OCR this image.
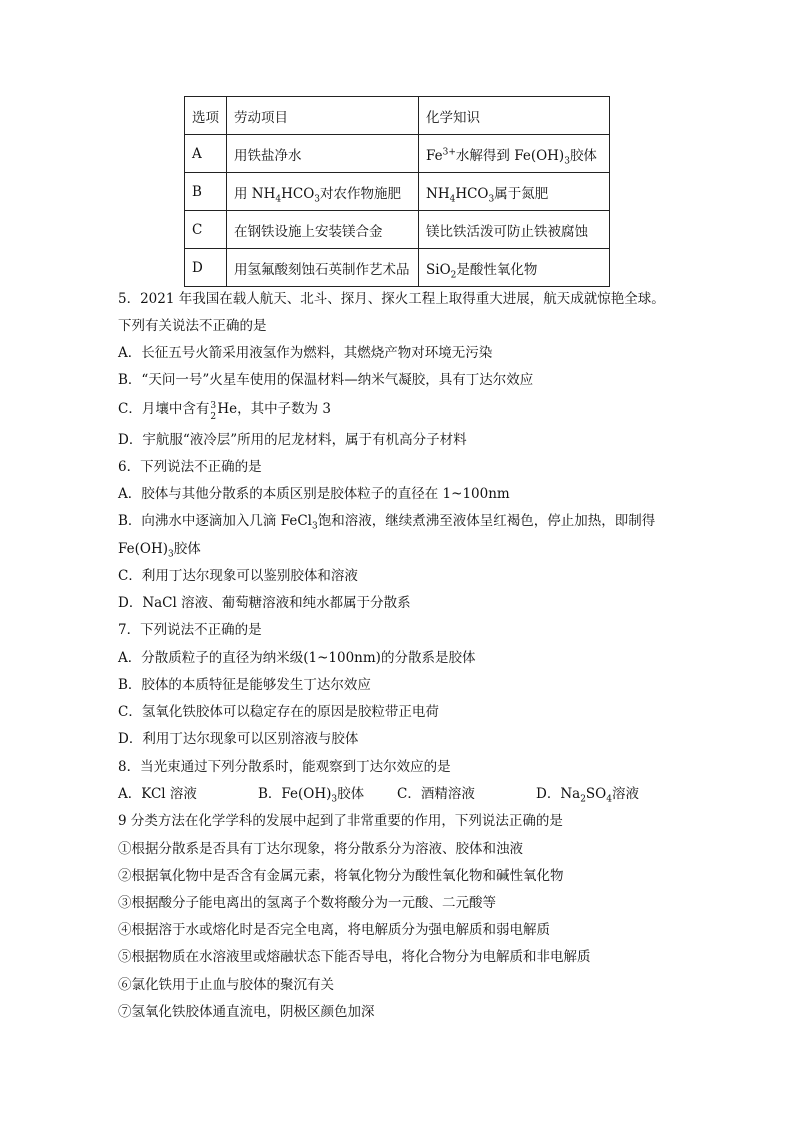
选项	劳动项目	化学知识
A	用铁盐净水	$Fe^{3+}$水解得到 $Fe(OH)_3$胶体
B	用 $NH_4HCO_3$对农作物施肥	$NH_4HCO_3$属于氮肥
C	在钢铁设施上安装镁合金	镁比铁活泼可防止铁被腐蚀
D	用氢氟酸刻蚀石英制作艺术品	SiO$_2$是酸性氧化物
5．2021 年我国在载人航天、北斗、探月、探火工程上取得重大进展，航天成就惊艳全球。
下列有关说法不正确的是
A．长征五号火箭采用液氢作为燃料，其燃烧产物对环境无污染
B．“天问一号”火星车使用的保温材料—纳米气凝胶，具有丁达尔效应
C．月壤中含有 3
2 He，其中子数为 3
D．宇航服“液冷层”所用的尼龙材料，属于有机高分子材料
6．下列说法不正确的是
A．胶体与其他分散系的本质区别是胶体粒子的直径在 1~100nm
B．向沸水中逐滴加入几滴 FeCl$_3$饱和溶液，继续煮沸至液体呈红褐色，停止加热，即制得
$Fe(OH)_3$胶体
C．利用丁达尔现象可以鉴别胶体和溶液
D．NaCl 溶液、葡萄糖溶液和纯水都属于分散系
7．下列说法不正确的是
A．分散质粒子的直径为纳米级(1~100nm)的分散系是胶体
B．胶体的本质特征是能够发生丁达尔效应
C．氢氧化铁胶体可以稳定存在的原因是胶粒带正电荷
D．利用丁达尔现象可以区别溶液与胶体
8．当光束通过下列分散系时，能观察到丁达尔效应的是
A．KCl 溶液	B．$Fe(OH)_3$胶体 C．酒精溶液	D．$Na_2SO_4$溶液
9 分类方法在化学学科的发展中起到了非常重要的作用，下列说法正确的是
①根据分散系是否具有丁达尔现象，将分散系分为溶液、胶体和浊液
②根据氧化物中是否含有金属元素，将氧化物分为酸性氧化物和碱性氧化物
③根据酸分子能电离出的氢离子个数将酸分为一元酸、二元酸等
④根据溶于水或熔化时是否完全电离，将电解质分为强电解质和弱电解质
⑤根据物质在水溶液里或熔融状态下能否导电，将化合物分为电解质和非电解质
⑥氯化铁用于止血与胶体的聚沉有关
⑦氢氧化铁胶体通直流电，阴极区颜色加深
